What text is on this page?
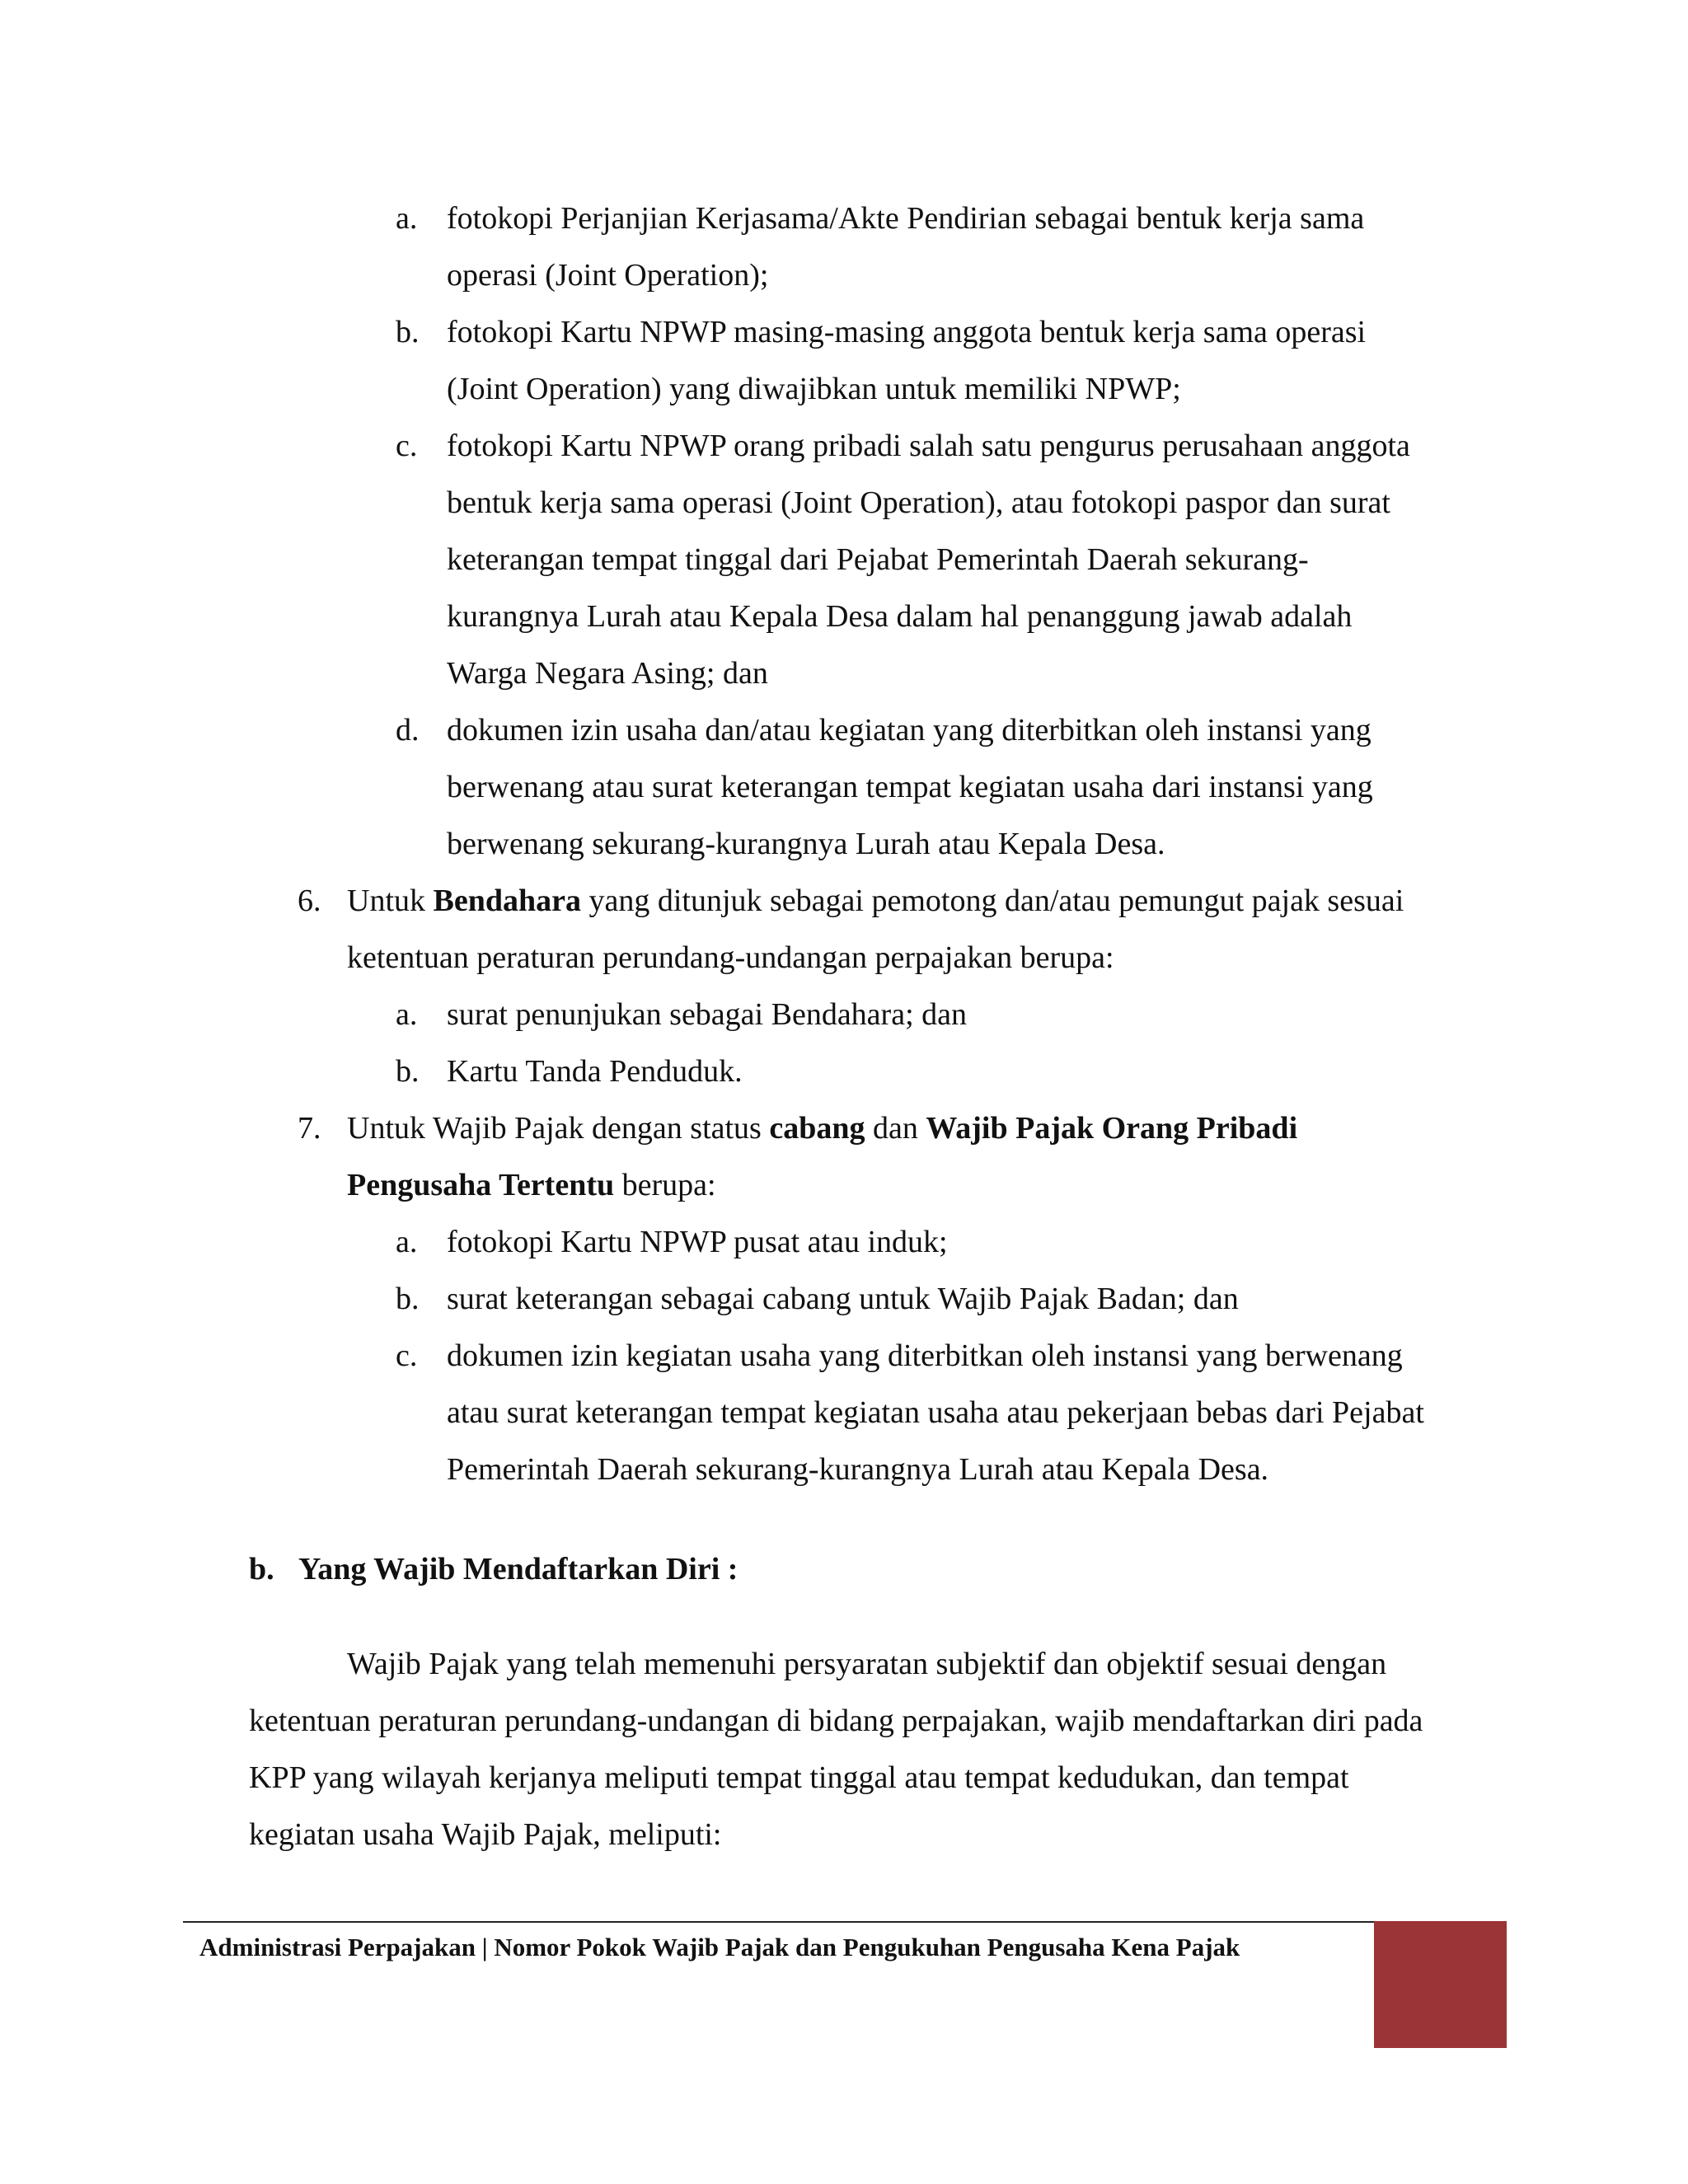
a. fotokopi Perjanjian Kerjasama/Akte Pendirian sebagai bentuk kerja sama
operasi (Joint Operation);
b. fotokopi Kartu NPWP masing-masing anggota bentuk kerja sama operasi
(Joint Operation) yang diwajibkan untuk memiliki NPWP;
c. fotokopi Kartu NPWP orang pribadi salah satu pengurus perusahaan anggota
bentuk kerja sama operasi (Joint Operation), atau fotokopi paspor dan surat
keterangan tempat tinggal dari Pejabat Pemerintah Daerah sekurang-
kurangnya Lurah atau Kepala Desa dalam hal penanggung jawab adalah
Warga Negara Asing; dan
d. dokumen izin usaha dan/atau kegiatan yang diterbitkan oleh instansi yang
berwenang atau surat keterangan tempat kegiatan usaha dari instansi yang
berwenang sekurang-kurangnya Lurah atau Kepala Desa.
6. Untuk Bendahara yang ditunjuk sebagai pemotong dan/atau pemungut pajak sesuai
ketentuan peraturan perundang-undangan perpajakan berupa:
a. surat penunjukan sebagai Bendahara; dan
b. Kartu Tanda Penduduk.
7. Untuk Wajib Pajak dengan status cabang dan Wajib Pajak Orang Pribadi
Pengusaha Tertentu berupa:
a. fotokopi Kartu NPWP pusat atau induk;
b. surat keterangan sebagai cabang untuk Wajib Pajak Badan; dan
c. dokumen izin kegiatan usaha yang diterbitkan oleh instansi yang berwenang
atau surat keterangan tempat kegiatan usaha atau pekerjaan bebas dari Pejabat
Pemerintah Daerah sekurang-kurangnya Lurah atau Kepala Desa.
b. Yang Wajib Mendaftarkan Diri :
Wajib Pajak yang telah memenuhi persyaratan subjektif dan objektif sesuai dengan
ketentuan peraturan perundang-undangan di bidang perpajakan, wajib mendaftarkan diri pada
KPP yang wilayah kerjanya meliputi tempat tinggal atau tempat kedudukan, dan tempat
kegiatan usaha Wajib Pajak, meliputi:
Administrasi Perpajakan | Nomor Pokok Wajib Pajak dan Pengukuhan Pengusaha Kena Pajak
